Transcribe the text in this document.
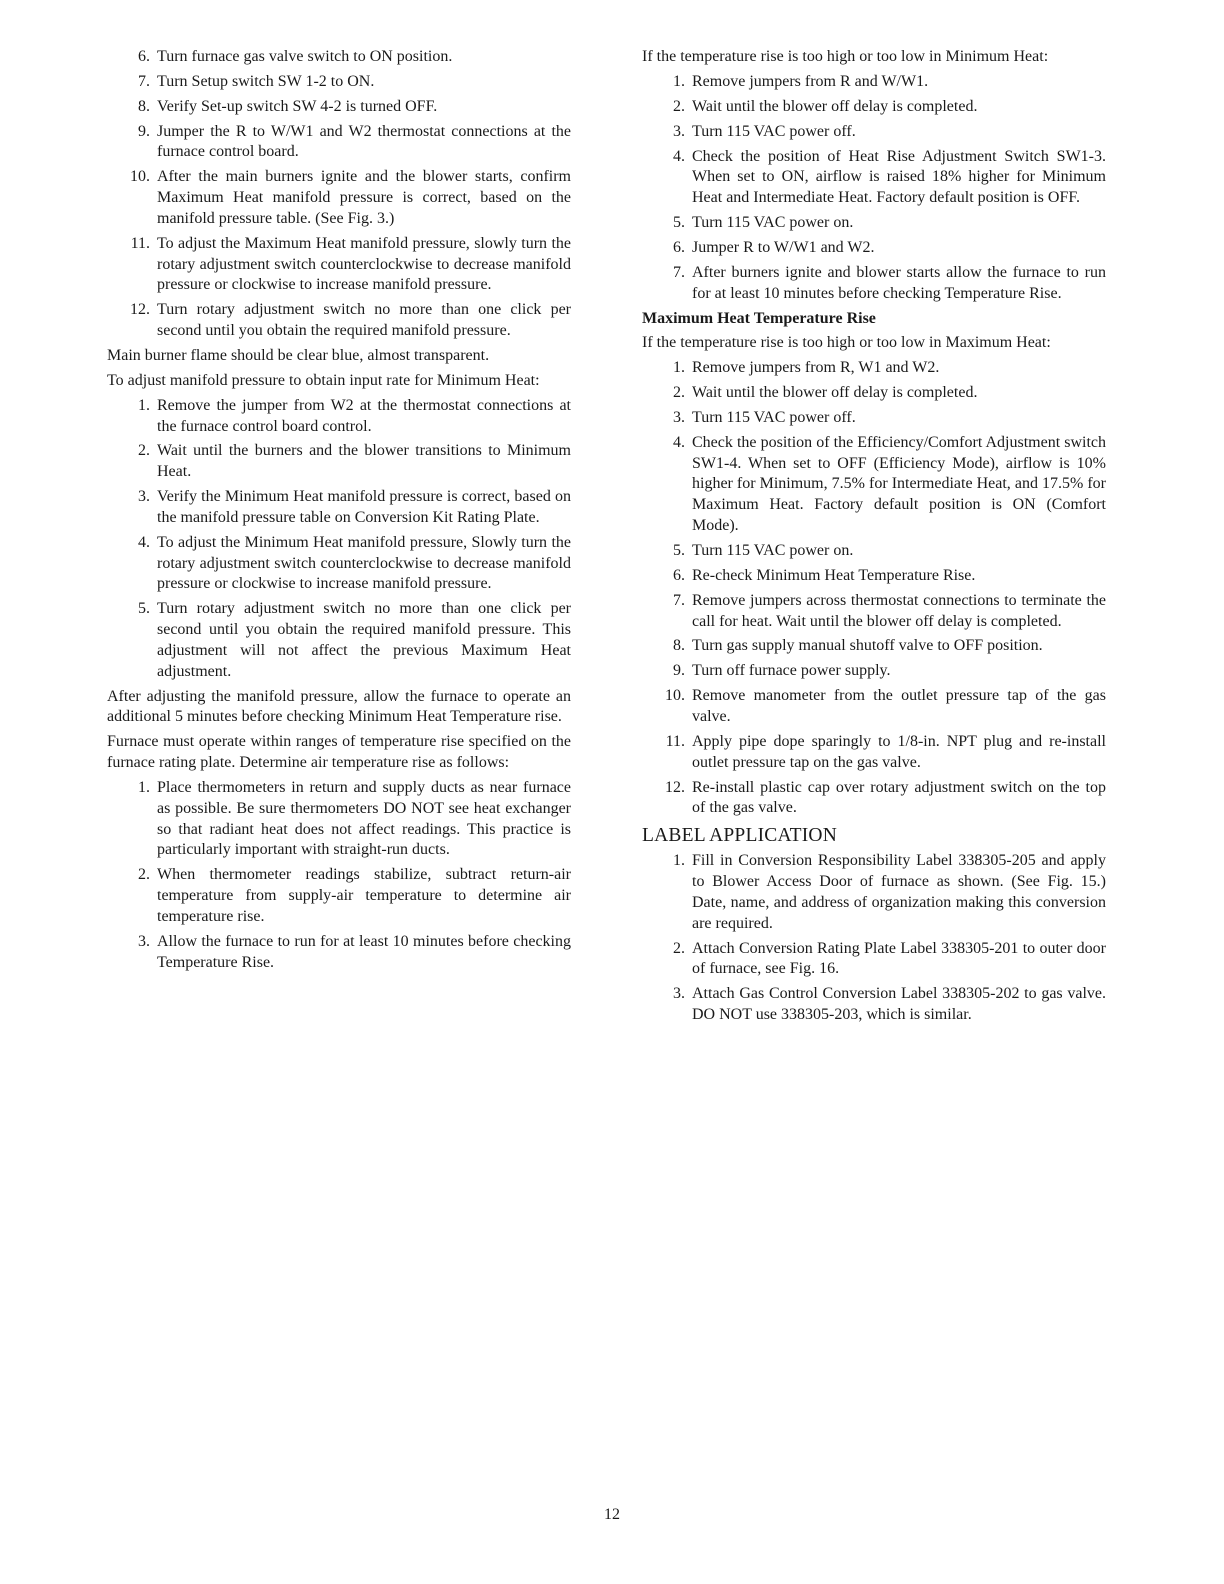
6. Turn furnace gas valve switch to ON position.
7. Turn Setup switch SW 1-2 to ON.
8. Verify Set-up switch SW 4-2 is turned OFF.
9. Jumper the R to W/W1 and W2 thermostat connections at the furnace control board.
10. After the main burners ignite and the blower starts, confirm Maximum Heat manifold pressure is correct, based on the manifold pressure table. (See Fig. 3.)
11. To adjust the Maximum Heat manifold pressure, slowly turn the rotary adjustment switch counterclockwise to decrease manifold pressure or clockwise to increase manifold pressure.
12. Turn rotary adjustment switch no more than one click per second until you obtain the required manifold pressure.

Main burner flame should be clear blue, almost transparent.

To adjust manifold pressure to obtain input rate for Minimum Heat:

1. Remove the jumper from W2 at the thermostat connections at the furnace control board control.
2. Wait until the burners and the blower transitions to Minimum Heat.
3. Verify the Minimum Heat manifold pressure is correct, based on the manifold pressure table on Conversion Kit Rating Plate.
4. To adjust the Minimum Heat manifold pressure, Slowly turn the rotary adjustment switch counterclockwise to decrease manifold pressure or clockwise to increase manifold pressure.
5. Turn rotary adjustment switch no more than one click per second until you obtain the required manifold pressure. This adjustment will not affect the previous Maximum Heat adjustment.

After adjusting the manifold pressure, allow the furnace to operate an additional 5 minutes before checking Minimum Heat Temperature rise.

Furnace must operate within ranges of temperature rise specified on the furnace rating plate. Determine air temperature rise as follows:

1. Place thermometers in return and supply ducts as near furnace as possible. Be sure thermometers DO NOT see heat exchanger so that radiant heat does not affect readings. This practice is particularly important with straight-run ducts.
2. When thermometer readings stabilize, subtract return-air temperature from supply-air temperature to determine air temperature rise.
3. Allow the furnace to run for at least 10 minutes before checking Temperature Rise.

If the temperature rise is too high or too low in Minimum Heat:

1. Remove jumpers from R and W/W1.
2. Wait until the blower off delay is completed.
3. Turn 115 VAC power off.
4. Check the position of Heat Rise Adjustment Switch SW1-3. When set to ON, airflow is raised 18% higher for Minimum Heat and Intermediate Heat. Factory default position is OFF.
5. Turn 115 VAC power on.
6. Jumper R to W/W1 and W2.
7. After burners ignite and blower starts allow the furnace to run for at least 10 minutes before checking Temperature Rise.
Maximum Heat Temperature Rise

If the temperature rise is too high or too low in Maximum Heat:

1. Remove jumpers from R, W1 and W2.
2. Wait until the blower off delay is completed.
3. Turn 115 VAC power off.
4. Check the position of the Efficiency/Comfort Adjustment switch SW1-4. When set to OFF (Efficiency Mode), airflow is 10% higher for Minimum, 7.5% for Intermediate Heat, and 17.5% for Maximum Heat. Factory default position is ON (Comfort Mode).
5. Turn 115 VAC power on.
6. Re-check Minimum Heat Temperature Rise.
7. Remove jumpers across thermostat connections to terminate the call for heat. Wait until the blower off delay is completed.
8. Turn gas supply manual shutoff valve to OFF position.
9. Turn off furnace power supply.
10. Remove manometer from the outlet pressure tap of the gas valve.
11. Apply pipe dope sparingly to 1/8-in. NPT plug and re-install outlet pressure tap on the gas valve.
12. Re-install plastic cap over rotary adjustment switch on the top of the gas valve.
LABEL APPLICATION
1. Fill in Conversion Responsibility Label 338305-205 and apply to Blower Access Door of furnace as shown. (See Fig. 15.) Date, name, and address of organization making this conversion are required.
2. Attach Conversion Rating Plate Label 338305-201 to outer door of furnace, see Fig. 16.
3. Attach Gas Control Conversion Label 338305-202 to gas valve. DO NOT use 338305-203, which is similar.
12
